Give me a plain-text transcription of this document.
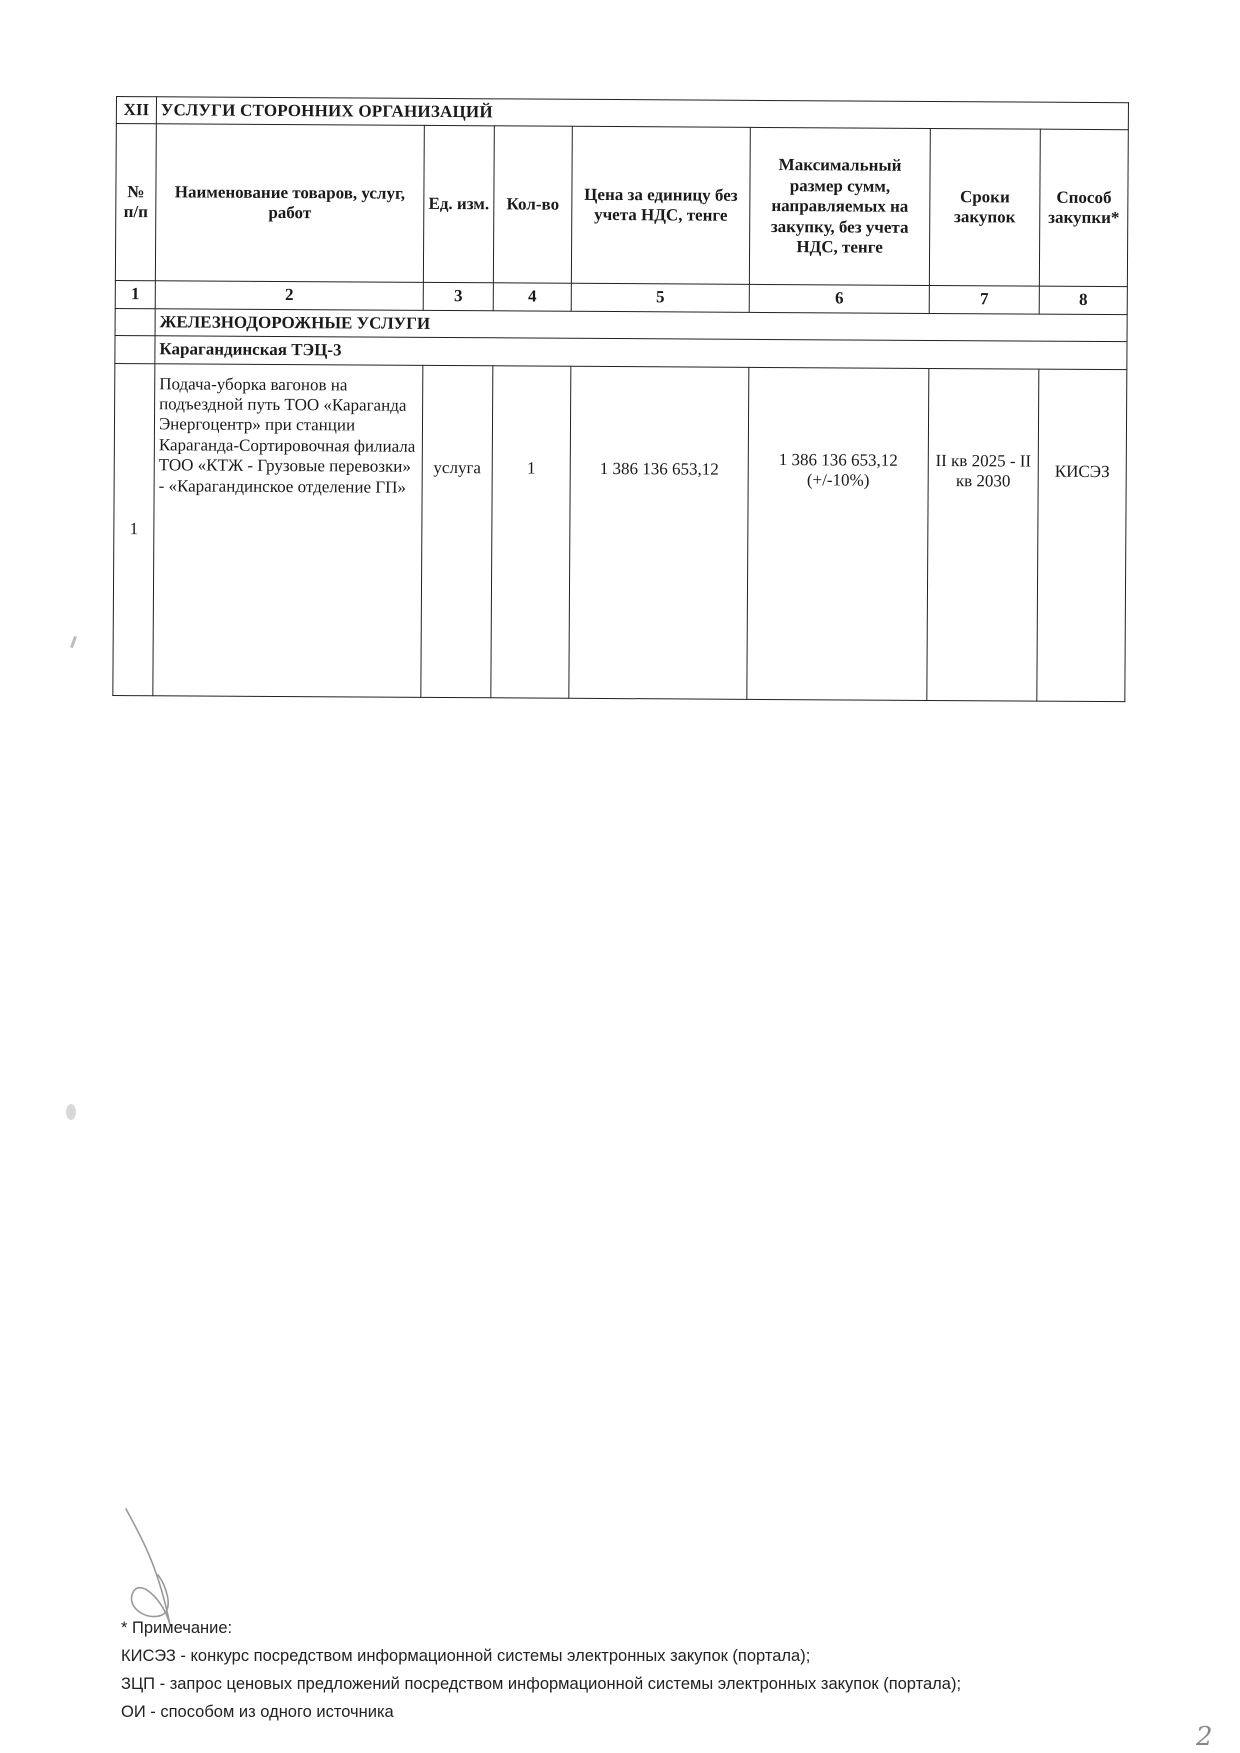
XII	УСЛУГИ СТОРОННИХ ОРГАНИЗАЦИЙ						
№ п/п	Наименование товаров, услуг, работ	Ед. изм.	Кол-во	Цена за единицу без учета НДС, тенге	Максимальный размер сумм, направляемых на закупку, без учета НДС, тенге	Сроки закупок	Способ закупки*
1	2	3	4	5	6	7	8
	ЖЕЛЕЗНОДОРОЖНЫЕ УСЛУГИ						
	Карагандинская ТЭЦ-3						
1	Подача-уборка вагонов на подъездной путь ТОО «Караганда Энергоцентр» при станции Караганда-Сортировочная филиала ТОО «КТЖ - Грузовые перевозки» - «Карагандинское отделение ГП»	услуга	1	1 386 136 653,12	1 386 136 653,12 (+/-10%)	II кв 2025 - II кв 2030	КИСЭЗ
* Примечание:
КИСЭЗ - конкурс посредством информационной системы электронных закупок (портала);
ЗЦП - запрос ценовых предложений посредством информационной системы электронных закупок (портала);
ОИ - способом из одного источника
2
